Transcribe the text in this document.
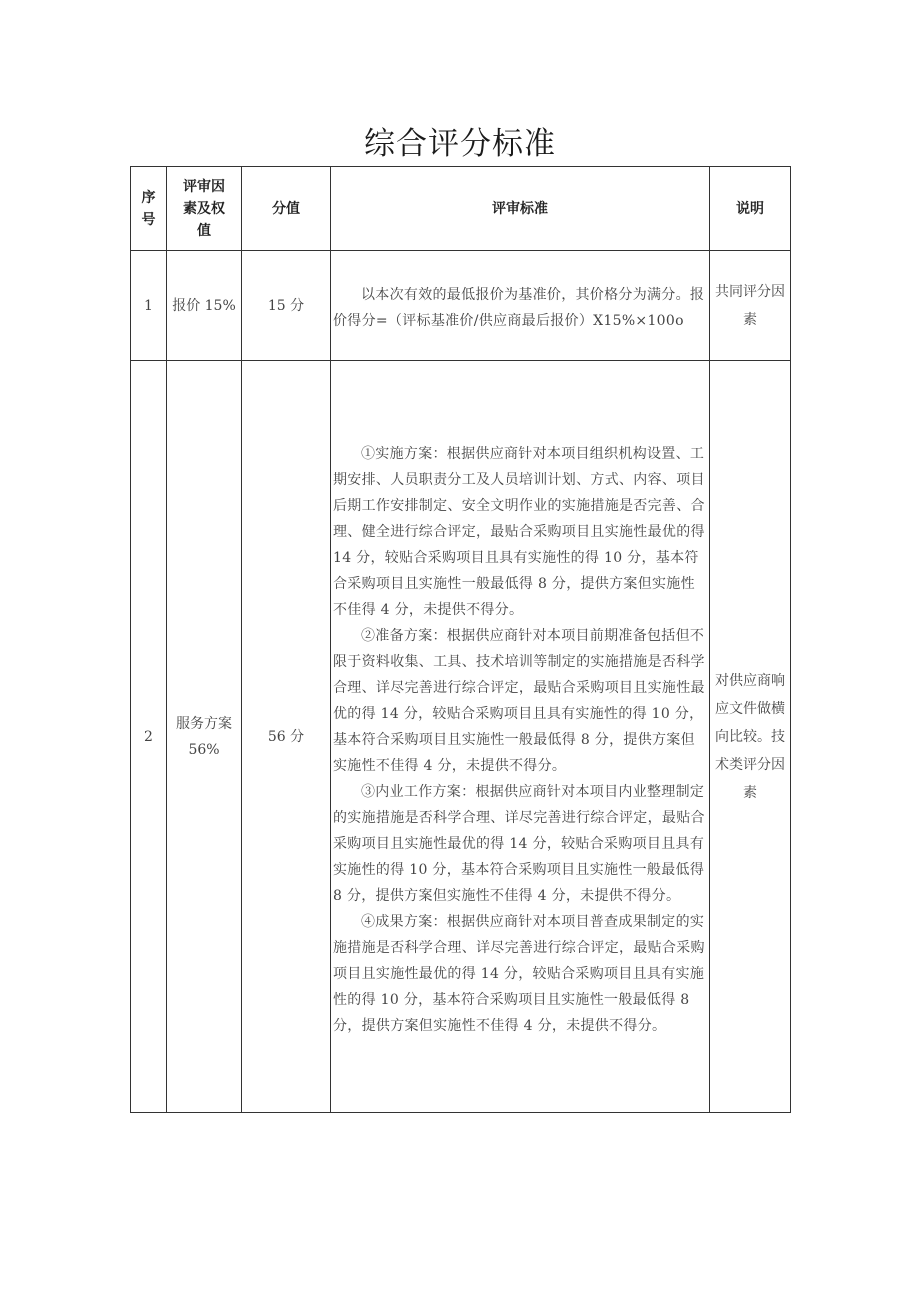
综合评分标准
序号	评审因素及权值	分值	评审标准	说明
1	报价 15%	15 分	以本次有效的最低报价为基准价，其价格分为满分。报价得分=（评标基准价/供应商最后报价）X15%×100o	共同评分因素
2	服务方案 56%	56 分	①实施方案：根据供应商针对本项目组织机构设置、工期安排、人员职责分工及人员培训计划、方式、内容、项目后期工作安排制定、安全文明作业的实施措施是否完善、合理、健全进行综合评定，最贴合采购项目且实施性最优的得 14 分，较贴合采购项目且具有实施性的得 10 分，基本符合采购项目且实施性一般最低得 8 分，提供方案但实施性不佳得 4 分，未提供不得分。

②准备方案：根据供应商针对本项目前期准备包括但不限于资料收集、工具、技术培训等制定的实施措施是否科学合理、详尽完善进行综合评定，最贴合采购项目且实施性最优的得 14 分，较贴合采购项目且具有实施性的得 10 分，基本符合采购项目且实施性一般最低得 8 分，提供方案但实施性不佳得 4 分，未提供不得分。

③内业工作方案：根据供应商针对本项目内业整理制定的实施措施是否科学合理、详尽完善进行综合评定，最贴合采购项目且实施性最优的得 14 分，较贴合采购项目且具有实施性的得 10 分，基本符合采购项目且实施性一般最低得 8 分，提供方案但实施性不佳得 4 分，未提供不得分。

④成果方案：根据供应商针对本项目普查成果制定的实施措施是否科学合理、详尽完善进行综合评定，最贴合采购项目且实施性最优的得 14 分，较贴合采购项目且具有实施性的得 10 分，基本符合采购项目且实施性一般最低得 8 分，提供方案但实施性不佳得 4 分，未提供不得分。	对供应商响应文件做横向比较。技术类评分因素
